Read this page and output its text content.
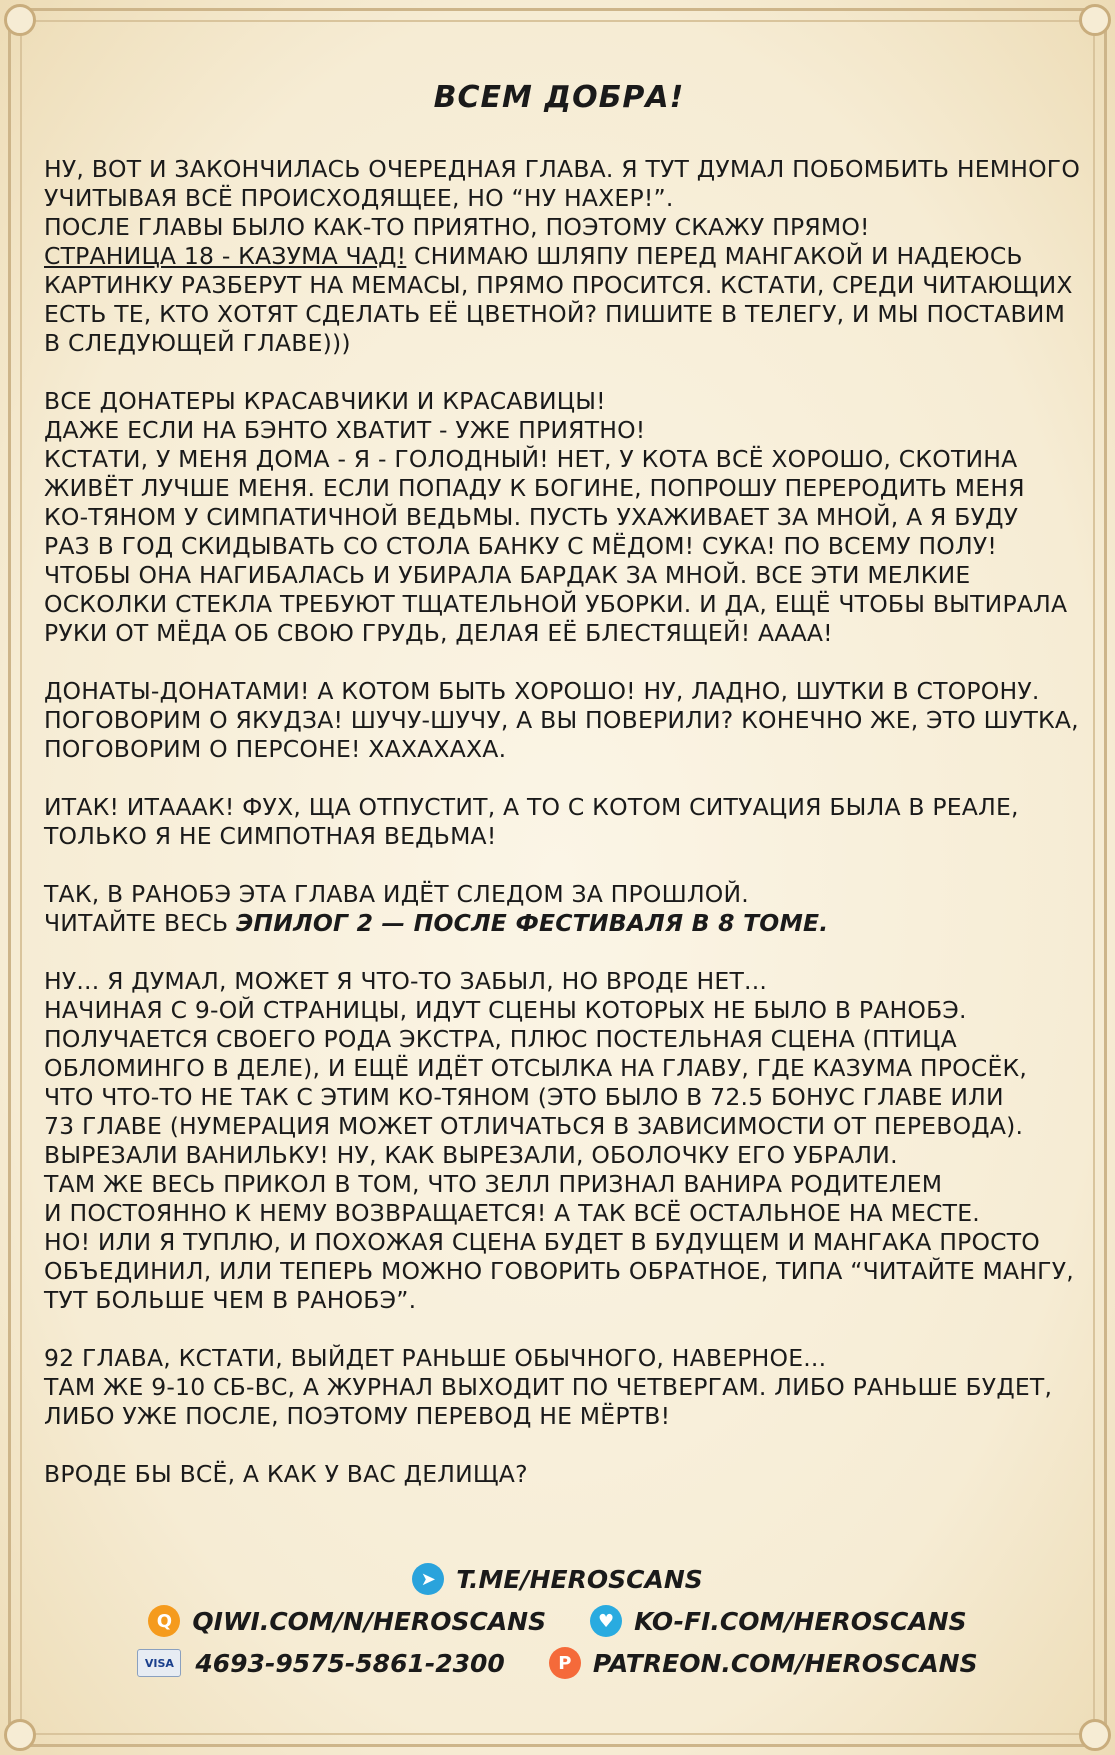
ВСЕМ ДОБРА!
НУ, ВОТ И ЗАКОНЧИЛАСЬ ОЧЕРЕДНАЯ ГЛАВА. Я ТУТ ДУМАЛ ПОБОМБИТЬ НЕМНОГО
УЧИТЫВАЯ ВСЁ ПРОИСХОДЯЩЕЕ, НО “НУ НАХЕР!”.
ПОСЛЕ ГЛАВЫ БЫЛО КАК-ТО ПРИЯТНО, ПОЭТОМУ СКАЖУ ПРЯМО!
СТРАНИЦА 18 - КАЗУМА ЧАД! СНИМАЮ ШЛЯПУ ПЕРЕД МАНГАКОЙ И НАДЕЮСЬ
КАРТИНКУ РАЗБЕРУТ НА МЕМАСЫ, ПРЯМО ПРОСИТСЯ. КСТАТИ, СРЕДИ ЧИТАЮЩИХ
ЕСТЬ ТЕ, КТО ХОТЯТ СДЕЛАТЬ ЕЁ ЦВЕТНОЙ? ПИШИТЕ В ТЕЛЕГУ, И МЫ ПОСТАВИМ
В СЛЕДУЮЩЕЙ ГЛАВЕ)))
ВСЕ ДОНАТЕРЫ КРАСАВЧИКИ И КРАСАВИЦЫ!
ДАЖЕ ЕСЛИ НА БЭНТО ХВАТИТ - УЖЕ ПРИЯТНО!
КСТАТИ, У МЕНЯ ДОМА - Я - ГОЛОДНЫЙ! НЕТ, У КОТА ВСЁ ХОРОШО, СКОТИНА
ЖИВЁТ ЛУЧШЕ МЕНЯ. ЕСЛИ ПОПАДУ К БОГИНЕ, ПОПРОШУ ПЕРЕРОДИТЬ МЕНЯ
КО-ТЯНОМ У СИМПАТИЧНОЙ ВЕДЬМЫ. ПУСТЬ УХАЖИВАЕТ ЗА МНОЙ, А Я БУДУ
РАЗ В ГОД СКИДЫВАТЬ СО СТОЛА БАНКУ С МЁДОМ! СУКА! ПО ВСЕМУ ПОЛУ!
ЧТОБЫ ОНА НАГИБАЛАСЬ И УБИРАЛА БАРДАК ЗА МНОЙ. ВСЕ ЭТИ МЕЛКИЕ
ОСКОЛКИ СТЕКЛА ТРЕБУЮТ ТЩАТЕЛЬНОЙ УБОРКИ. И ДА, ЕЩЁ ЧТОБЫ ВЫТИРАЛА
РУКИ ОТ МЁДА ОБ СВОЮ ГРУДЬ, ДЕЛАЯ ЕЁ БЛЕСТЯЩЕЙ! АААА!
ДОНАТЫ-ДОНАТАМИ! А КОТОМ БЫТЬ ХОРОШО! НУ, ЛАДНО, ШУТКИ В СТОРОНУ.
ПОГОВОРИМ О ЯКУДЗА! ШУЧУ-ШУЧУ, А ВЫ ПОВЕРИЛИ? КОНЕЧНО ЖЕ, ЭТО ШУТКА,
ПОГОВОРИМ О ПЕРСОНЕ! ХАХАХАХА.
ИТАК! ИТАААК! ФУХ, ЩА ОТПУСТИТ, А ТО С КОТОМ СИТУАЦИЯ БЫЛА В РЕАЛЕ,
ТОЛЬКО Я НЕ СИМПОТНАЯ ВЕДЬМА!
ТАК, В РАНОБЭ ЭТА ГЛАВА ИДЁТ СЛЕДОМ ЗА ПРОШЛОЙ.
ЧИТАЙТЕ ВЕСЬ ЭПИЛОГ 2 — ПОСЛЕ ФЕСТИВАЛЯ В 8 ТОМЕ.
НУ... Я ДУМАЛ, МОЖЕТ Я ЧТО-ТО ЗАБЫЛ, НО ВРОДЕ НЕТ...
НАЧИНАЯ С 9-ОЙ СТРАНИЦЫ, ИДУТ СЦЕНЫ КОТОРЫХ НЕ БЫЛО В РАНОБЭ.
ПОЛУЧАЕТСЯ СВОЕГО РОДА ЭКСТРА, ПЛЮС ПОСТЕЛЬНАЯ СЦЕНА (ПТИЦА
ОБЛОМИНГО В ДЕЛЕ), И ЕЩЁ ИДЁТ ОТСЫЛКА НА ГЛАВУ, ГДЕ КАЗУМА ПРОСЁК,
ЧТО ЧТО-ТО НЕ ТАК С ЭТИМ КО-ТЯНОМ (ЭТО БЫЛО В 72.5 БОНУС ГЛАВЕ ИЛИ
73 ГЛАВЕ (НУМЕРАЦИЯ МОЖЕТ ОТЛИЧАТЬСЯ В ЗАВИСИМОСТИ ОТ ПЕРЕВОДА).
ВЫРЕЗАЛИ ВАНИЛЬКУ! НУ, КАК ВЫРЕЗАЛИ, ОБОЛОЧКУ ЕГО УБРАЛИ.
ТАМ ЖЕ ВЕСЬ ПРИКОЛ В ТОМ, ЧТО ЗЕЛЛ ПРИЗНАЛ ВАНИРА РОДИТЕЛЕМ
И ПОСТОЯННО К НЕМУ ВОЗВРАЩАЕТСЯ! А ТАК ВСЁ ОСТАЛЬНОЕ НА МЕСТЕ.
НО! ИЛИ Я ТУПЛЮ, И ПОХОЖАЯ СЦЕНА БУДЕТ В БУДУЩЕМ И МАНГАКА ПРОСТО
ОБЪЕДИНИЛ, ИЛИ ТЕПЕРЬ МОЖНО ГОВОРИТЬ ОБРАТНОЕ, ТИПА “ЧИТАЙТЕ МАНГУ,
ТУТ БОЛЬШЕ ЧЕМ В РАНОБЭ”.
92 ГЛАВА, КСТАТИ, ВЫЙДЕТ РАНЬШЕ ОБЫЧНОГО, НАВЕРНОЕ...
ТАМ ЖЕ 9-10 СБ-ВС, А ЖУРНАЛ ВЫХОДИТ ПО ЧЕТВЕРГАМ. ЛИБО РАНЬШЕ БУДЕТ,
ЛИБО УЖЕ ПОСЛЕ, ПОЭТОМУ ПЕРЕВОД НЕ МЁРТВ!
ВРОДЕ БЫ ВСЁ, А КАК У ВАС ДЕЛИЩА?
➤ T.ME/HEROSCANS
Q QIWI.COM/N/HEROSCANS	♥ KO-FI.COM/HEROSCANS
VISA 4693-9575-5861-2300	P PATREON.COM/HEROSCANS
